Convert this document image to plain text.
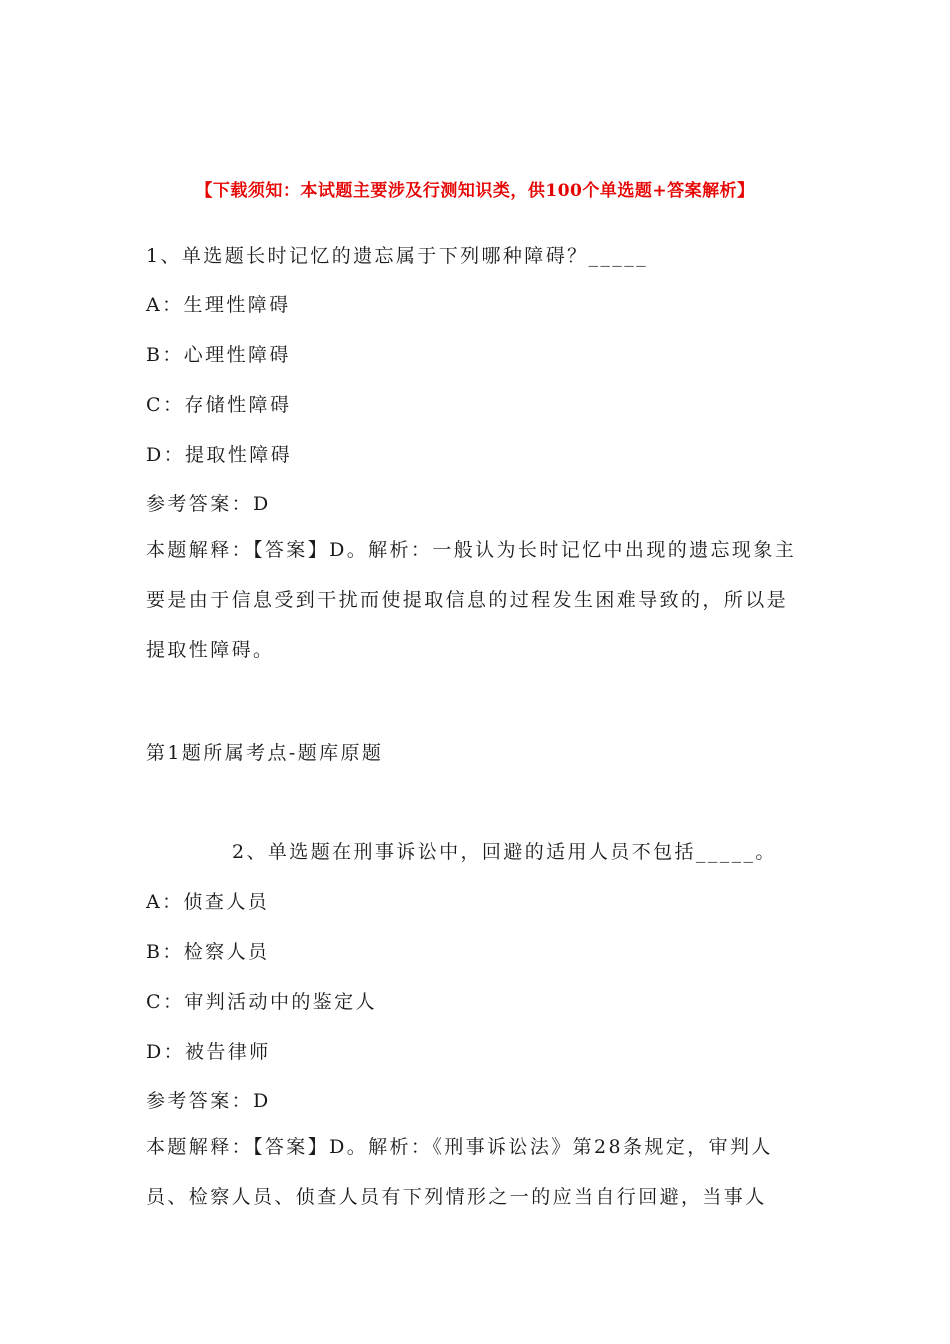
【下载须知：本试题主要涉及行测知识类，供100个单选题+答案解析】
1、单选题长时记忆的遗忘属于下列哪种障碍？_____
A：生理性障碍
B：心理性障碍
C：存储性障碍
D：提取性障碍
参考答案：D
本题解释：【答案】D。解析：一般认为长时记忆中出现的遗忘现象主要是由于信息受到干扰而使提取信息的过程发生困难导致的，所以是提取性障碍。
第1题所属考点-题库原题
2、单选题在刑事诉讼中，回避的适用人员不包括_____。
A：侦查人员
B：检察人员
C：审判活动中的鉴定人
D：被告律师
参考答案：D
本题解释：【答案】D。解析：《刑事诉讼法》第28条规定，审判人员、检察人员、侦查人员有下列情形之一的应当自行回避，当事人
